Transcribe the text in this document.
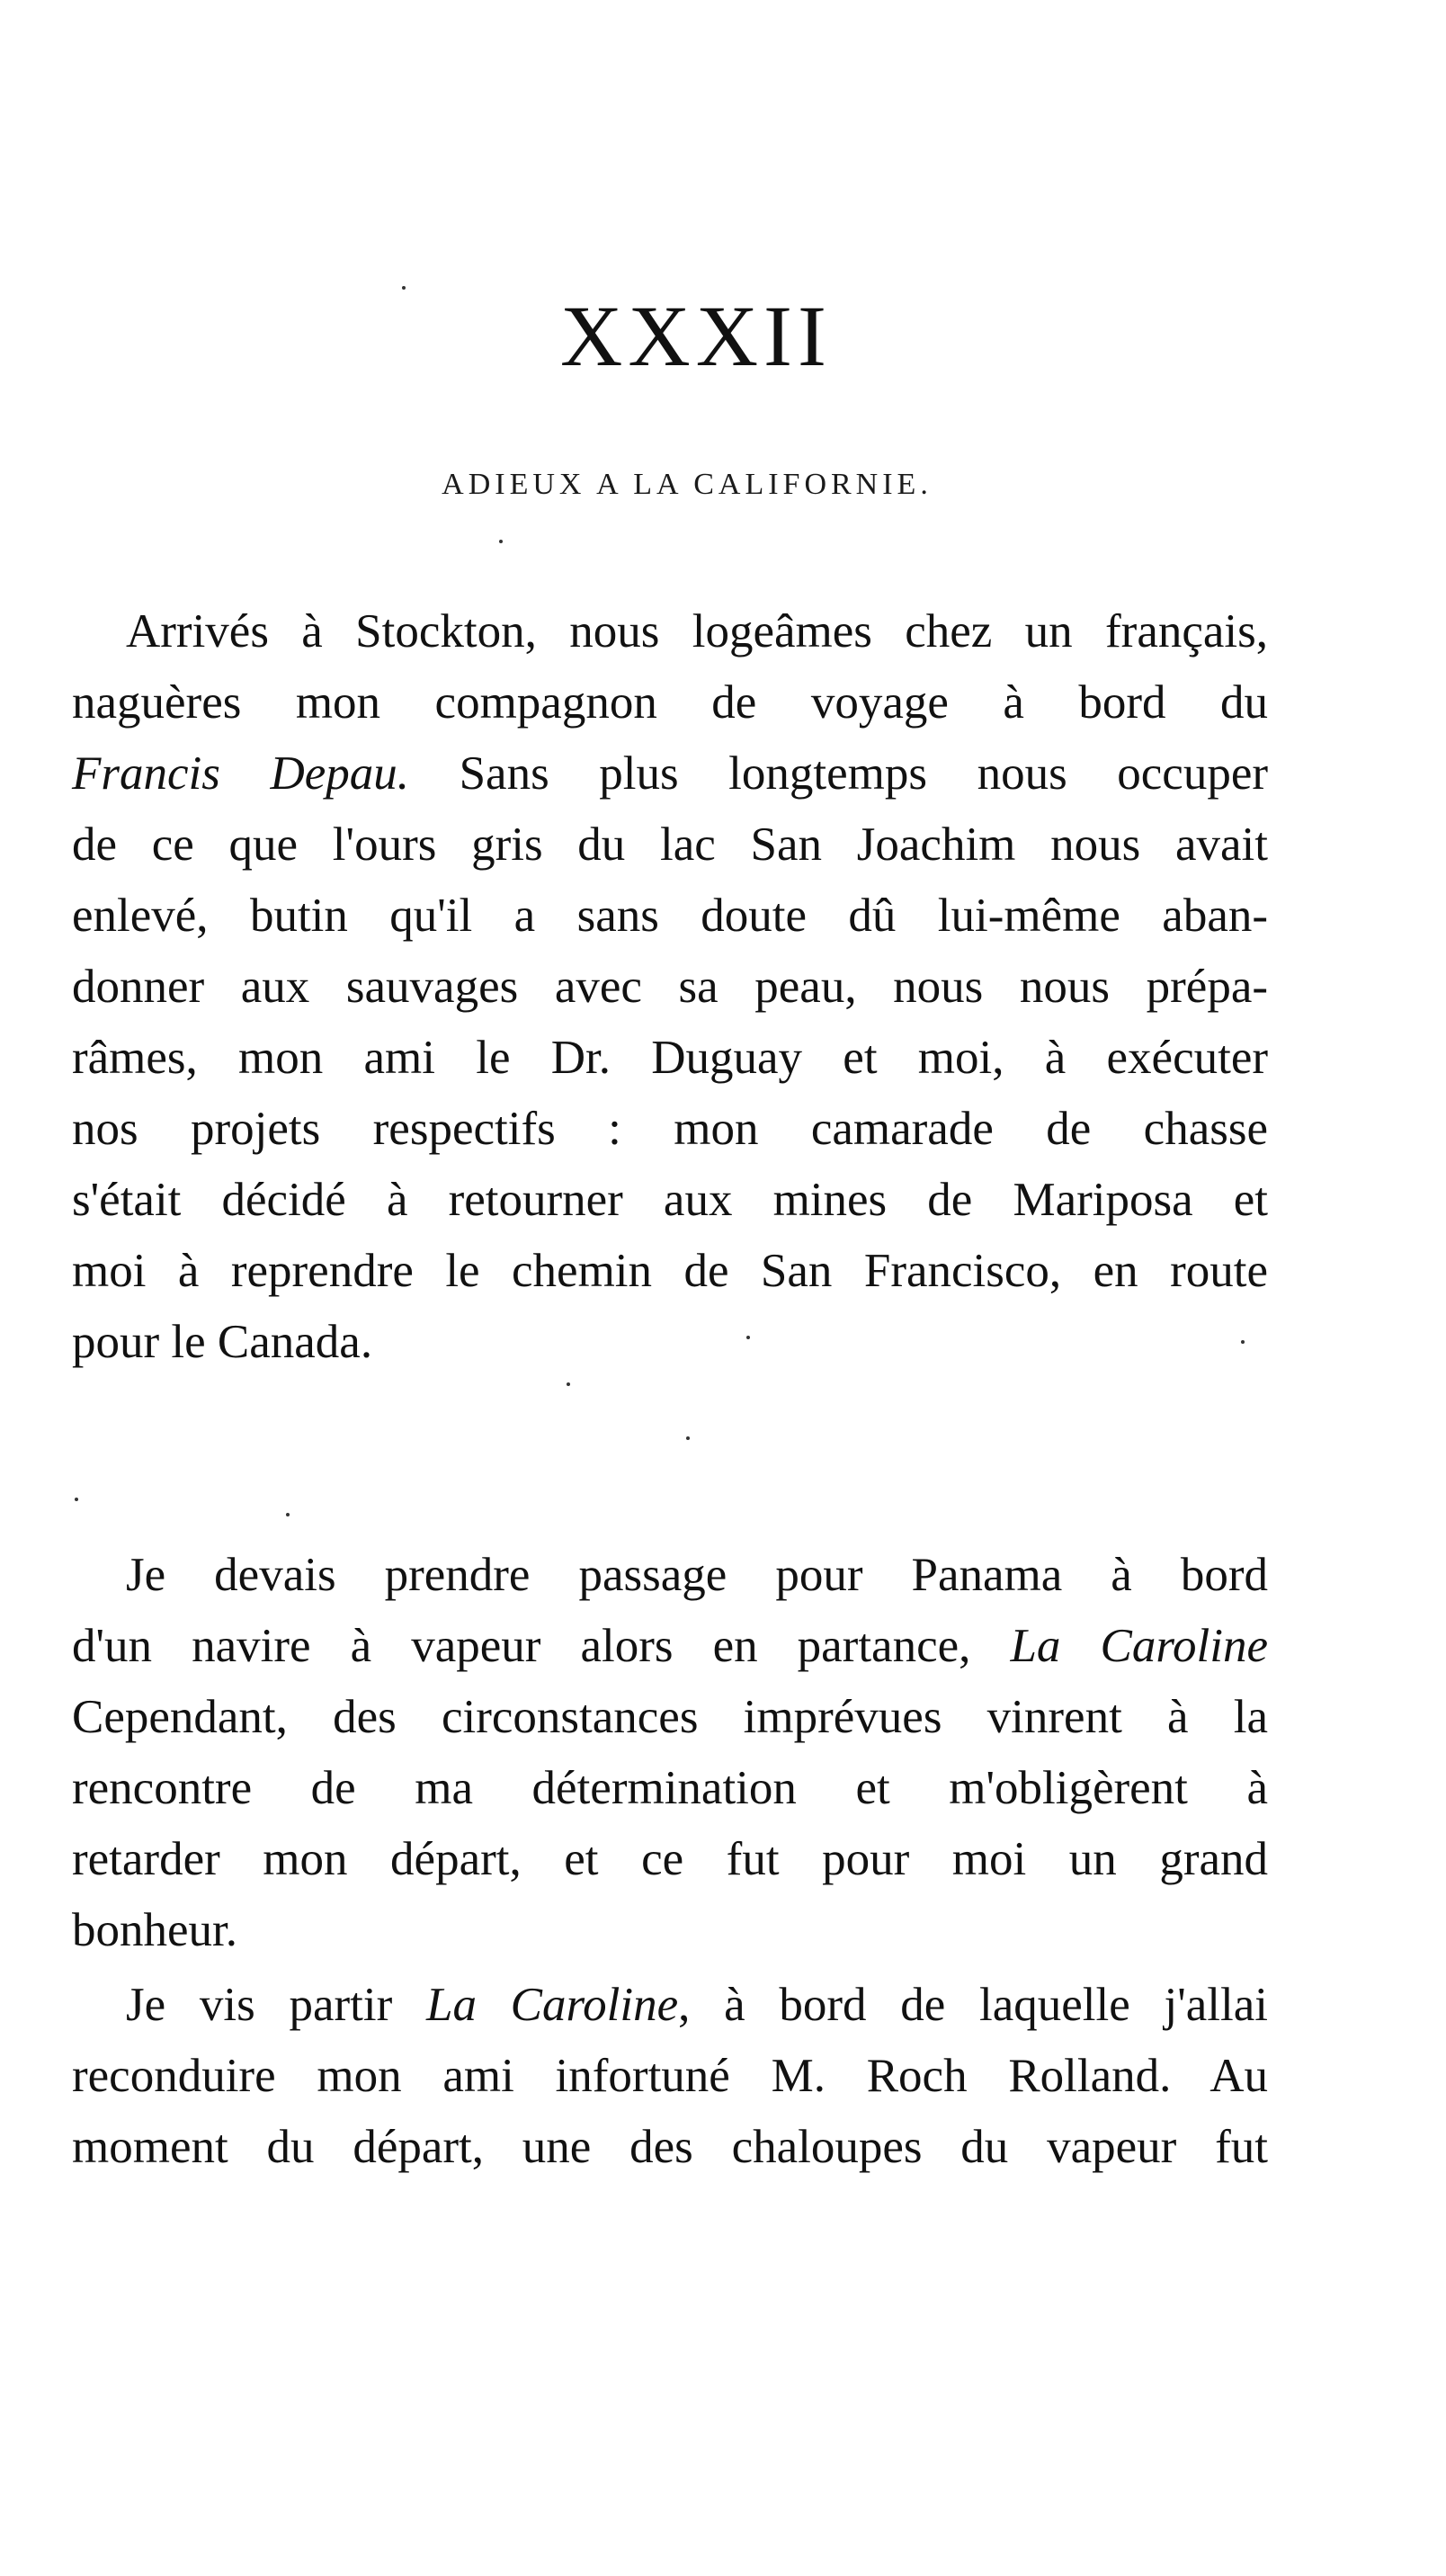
XXXII
ADIEUX A LA CALIFORNIE.
Arrivés à Stockton, nous logeâmes chez un français,
naguères mon compagnon de voyage à bord du
Francis Depau. Sans plus longtemps nous occuper
de ce que l'ours gris du lac San Joachim nous avait
enlevé, butin qu'il a sans doute dû lui-même aban-
donner aux sauvages avec sa peau, nous nous prépa-
râmes, mon ami le Dr. Duguay et moi, à exécuter
nos projets respectifs : mon camarade de chasse
s'était décidé à retourner aux mines de Mariposa et
moi à reprendre le chemin de San Francisco, en route
pour le Canada.
Je devais prendre passage pour Panama à bord
d'un navire à vapeur alors en partance, La Caroline
Cependant, des circonstances imprévues vinrent à la
rencontre de ma détermination et m'obligèrent à
retarder mon départ, et ce fut pour moi un grand
bonheur.
Je vis partir La Caroline, à bord de laquelle j'allai
reconduire mon ami infortuné M. Roch Rolland. Au
moment du départ, une des chaloupes du vapeur fut
